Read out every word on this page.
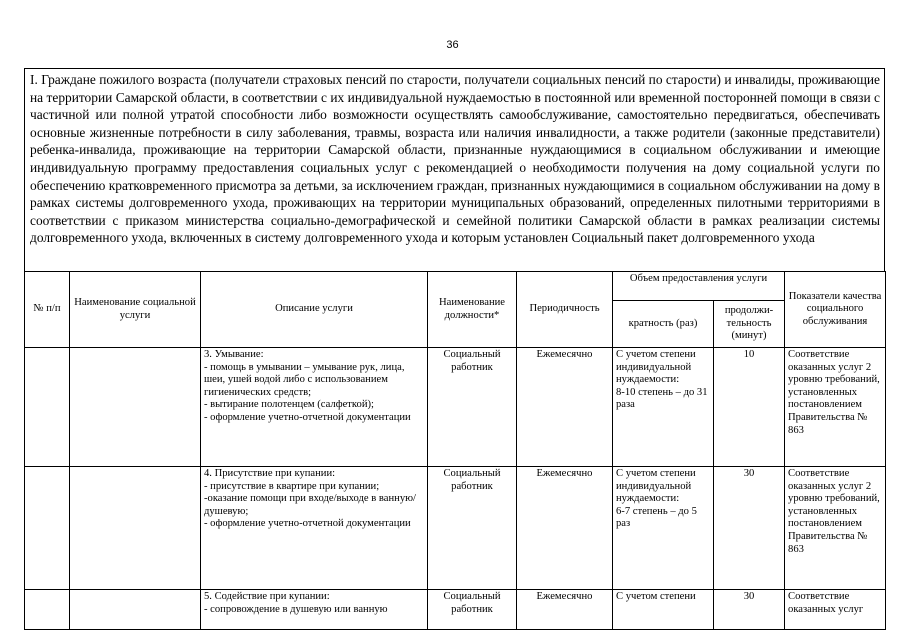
36
I. Граждане пожилого возраста (получатели страховых пенсий по старости, получатели социальных пенсий по старости) и инвалиды, проживающие на территории Самарской области, в соответствии с их индивидуальной нуждаемостью в постоянной или временной посторонней помощи в связи с частичной или полной утратой способности либо возможности осуществлять самообслуживание, самостоятельно передвигаться, обеспечивать основные жизненные потребности в силу заболевания, травмы, возраста или наличия инвалидности, а также родители (законные представители) ребенка-инвалида, проживающие на территории Самарской области, признанные нуждающимися в социальном обслуживании и имеющие индивидуальную программу предоставления социальных услуг с рекомендацией о необходимости получения на дому социальной услуги по обеспечению кратковременного присмотра за детьми, за исключением граждан, признанных нуждающимися в социальном обслуживании на дому в рамках системы долговременного ухода, проживающих на территории муниципальных образований, определенных пилотными территориями в соответствии с приказом министерства социально-демографической и семейной политики Самарской области в рамках реализации системы долговременного ухода, включенных в систему долговременного ухода и которым установлен Социальный пакет долговременного ухода
№ п/п	Наименование социальной услуги	Описание услуги	Наименование должности*	Периодичность	Объем предоставления услуги		Показатели качества социального обслуживания
					кратность (раз)	продолжи-тельность (минут)	
		3. Умывание:
- помощь в умывании – умывание рук, лица, шеи, ушей водой либо с использованием гигиенических средств;
- вытирание полотенцем (салфеткой);
- оформление учетно-отчетной документации	Социальный работник	Ежемесячно	С учетом степени индивидуальной нуждаемости:
8-10 степень – до 31 раза	10	Соответствие оказанных услуг 2 уровню требований, установленных постановлением Правительства № 863
		4. Присутствие при купании:
- присутствие в квартире при купании;
-оказание помощи при входе/выходе в ванную/душевую;
- оформление учетно-отчетной документации	Социальный работник	Ежемесячно	С учетом степени индивидуальной нуждаемости:
6-7 степень – до 5 раз	30	Соответствие оказанных услуг 2 уровню требований, установленных постановлением Правительства № 863

		5. Содействие при купании:
- сопровождение в душевую или ванную	Социальный работник	Ежемесячно	С учетом степени	30	Соответствие оказанных услуг
